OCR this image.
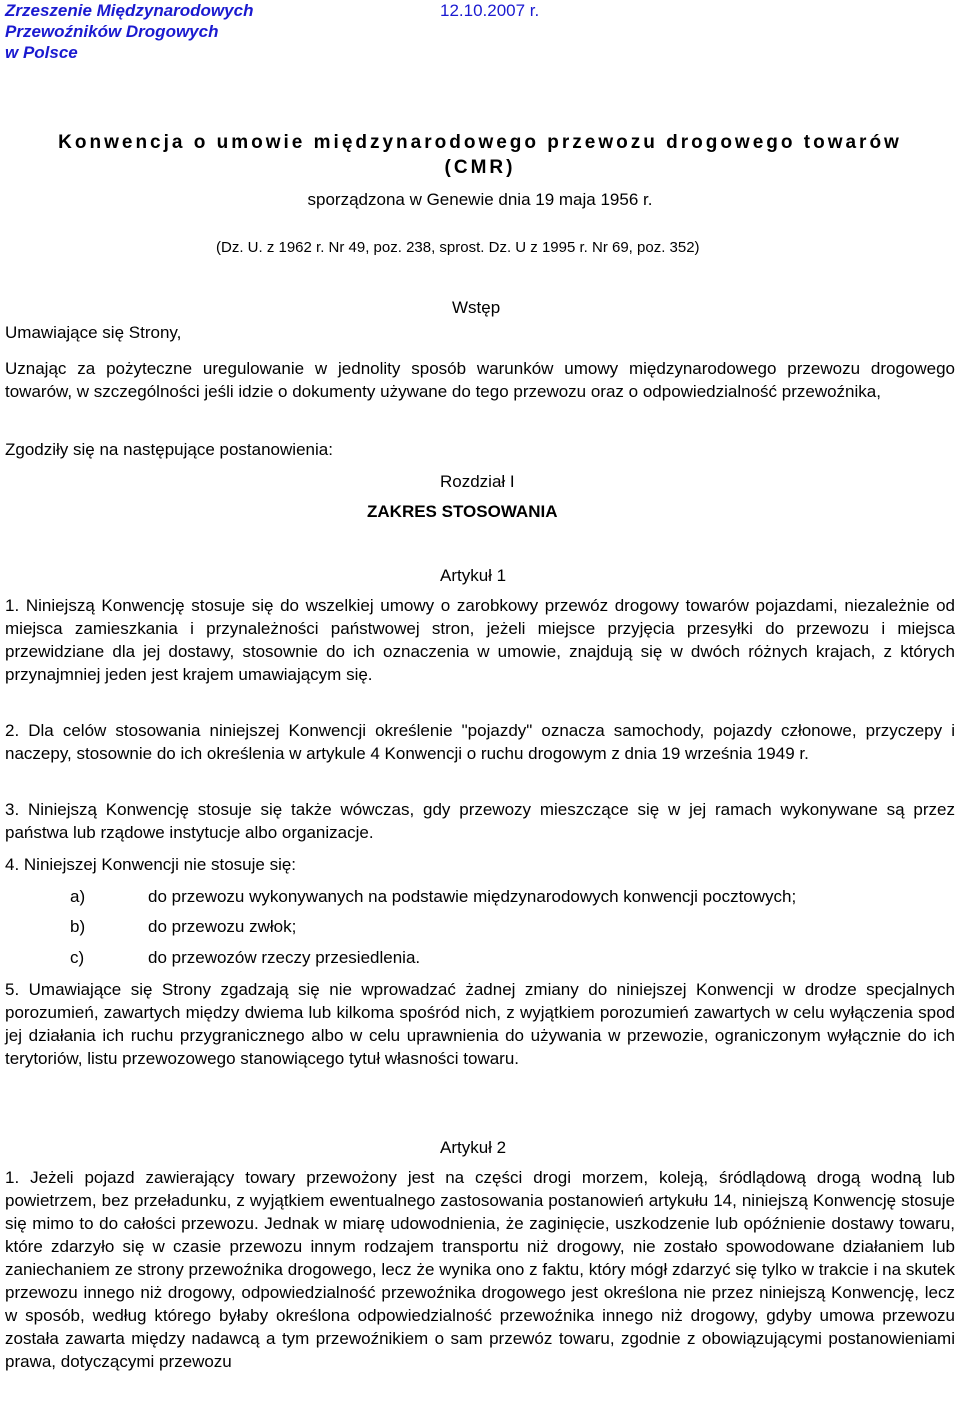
Zrzeszenie Międzynarodowych
Przewoźników Drogowych
w Polsce
12.10.2007 r.
Konwencja o umowie międzynarodowego przewozu drogowego towarów
(CMR)
sporządzona w Genewie dnia 19 maja 1956 r.
(Dz. U. z 1962 r. Nr 49, poz. 238, sprost. Dz. U z 1995 r. Nr 69, poz. 352)
Wstęp
Umawiające się Strony,
Uznając za pożyteczne uregulowanie w jednolity sposób warunków umowy międzynarodowego przewozu drogowego towarów, w szczególności jeśli idzie o dokumenty używane do tego przewozu oraz o odpowiedzialność przewoźnika,
Zgodziły się na następujące postanowienia:
Rozdział I
ZAKRES STOSOWANIA
Artykuł 1
1. Niniejszą Konwencję stosuje się do wszelkiej umowy o zarobkowy przewóz drogowy towarów pojazdami, niezależnie od miejsca zamieszkania i przynależności państwowej stron, jeżeli miejsce przyjęcia przesyłki do przewozu i miejsca przewidziane dla jej dostawy, stosownie do ich oznaczenia w umowie, znajdują się w dwóch różnych krajach, z których przynajmniej jeden jest krajem umawiającym się.
2. Dla celów stosowania niniejszej Konwencji określenie "pojazdy" oznacza samochody, pojazdy członowe, przyczepy i naczepy, stosownie do ich określenia w artykule 4 Konwencji o ruchu drogowym z dnia 19 września 1949 r.
3. Niniejszą Konwencję stosuje się także wówczas, gdy przewozy mieszczące się w jej ramach wykonywane są przez państwa lub rządowe instytucje albo organizacje.
4. Niniejszej Konwencji nie stosuje się:
a)	do przewozu wykonywanych na podstawie międzynarodowych konwencji pocztowych;
b)	do przewozu zwłok;
c)	do przewozów rzeczy przesiedlenia.
5. Umawiające się Strony zgadzają się nie wprowadzać żadnej zmiany do niniejszej Konwencji w drodze specjalnych porozumień, zawartych między dwiema lub kilkoma spośród nich, z wyjątkiem porozumień zawartych w celu wyłączenia spod jej działania ich ruchu przygranicznego albo w celu uprawnienia do używania w przewozie, ograniczonym wyłącznie do ich terytoriów, listu przewozowego stanowiącego tytuł własności towaru.
Artykuł 2
1. Jeżeli pojazd zawierający towary przewożony jest na części drogi morzem, koleją, śródlądową drogą wodną lub powietrzem, bez przeładunku, z wyjątkiem ewentualnego zastosowania postanowień artykułu 14, niniejszą Konwencję stosuje się mimo to do całości przewozu. Jednak w miarę udowodnienia, że zaginięcie, uszkodzenie lub opóźnienie dostawy towaru, które zdarzyło się w czasie przewozu innym rodzajem transportu niż drogowy, nie zostało spowodowane działaniem lub zaniechaniem ze strony przewoźnika drogowego, lecz że wynika ono z faktu, który mógł zdarzyć się tylko w trakcie i na skutek przewozu innego niż drogowy, odpowiedzialność przewoźnika drogowego jest określona nie przez niniejszą Konwencję, lecz w sposób, według którego byłaby określona odpowiedzialność przewoźnika innego niż drogowy, gdyby umowa przewozu została zawarta między nadawcą a tym przewoźnikiem o sam przewóz towaru, zgodnie z obowiązującymi postanowieniami prawa, dotyczącymi przewozu
